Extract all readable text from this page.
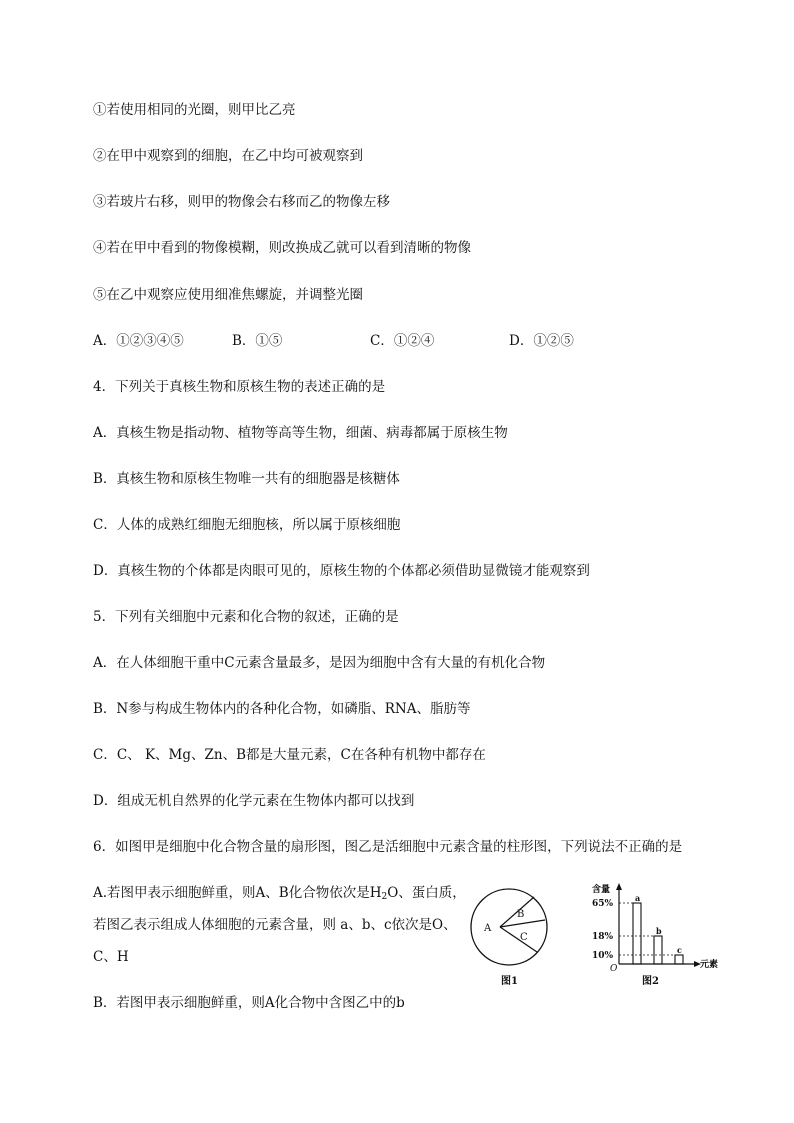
①若使用相同的光圈，则甲比乙亮
②在甲中观察到的细胞，在乙中均可被观察到
③若玻片右移，则甲的物像会右移而乙的物像左移
④若在甲中看到的物像模糊，则改换成乙就可以看到清晰的物像
⑤在乙中观察应使用细准焦螺旋，并调整光圈
A．①②③④⑤	B．①⑤	C．①②④	D．①②⑤
4．下列关于真核生物和原核生物的表述正确的是
A．真核生物是指动物、植物等高等生物，细菌、病毒都属于原核生物
B．真核生物和原核生物唯一共有的细胞器是核糖体
C．人体的成熟红细胞无细胞核，所以属于原核细胞
D．真核生物的个体都是肉眼可见的，原核生物的个体都必须借助显微镜才能观察到
5．下列有关细胞中元素和化合物的叙述，正确的是
A．在人体细胞干重中C元素含量最多，是因为细胞中含有大量的有机化合物
B．N参与构成生物体内的各种化合物，如磷脂、RNA、脂肪等
C．C、 K、Mg、Zn、B都是大量元素，C在各种有机物中都存在
D．组成无机自然界的化学元素在生物体内都可以找到
6．如图甲是细胞中化合物含量的扇形图，图乙是活细胞中元素含量的柱形图，下列说法不正确的是
A.若图甲表示细胞鲜重，则A、B化合物依次是$H_2O$、蛋白质，
若图乙表示组成人体细胞的元素含量，则 a、b、c依次是O、
C、H
B．若图甲表示细胞鲜重，则A化合物中含图乙中的b
A
B
C
图1
含量
元素
O
65%
18%
10%
a
b
c
图2
